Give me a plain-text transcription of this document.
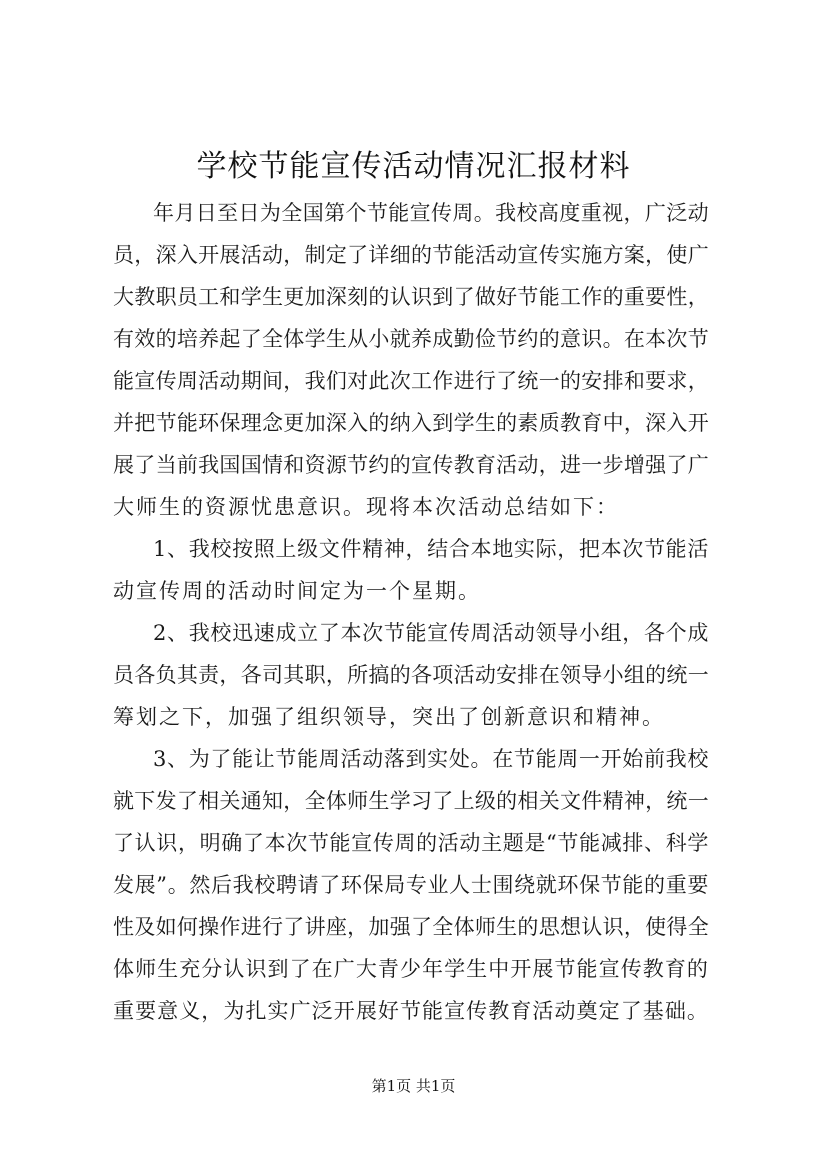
学校节能宣传活动情况汇报材料
年月日至日为全国第个节能宣传周。我校高度重视，广泛动
员，深入开展活动，制定了详细的节能活动宣传实施方案，使广
大教职员工和学生更加深刻的认识到了做好节能工作的重要性，
有效的培养起了全体学生从小就养成勤俭节约的意识。在本次节
能宣传周活动期间，我们对此次工作进行了统一的安排和要求，
并把节能环保理念更加深入的纳入到学生的素质教育中，深入开
展了当前我国国情和资源节约的宣传教育活动，进一步增强了广
大师生的资源忧患意识。现将本次活动总结如下：
1、我校按照上级文件精神，结合本地实际，把本次节能活
动宣传周的活动时间定为一个星期。
2、我校迅速成立了本次节能宣传周活动领导小组，各个成
员各负其责，各司其职，所搞的各项活动安排在领导小组的统一
筹划之下，加强了组织领导，突出了创新意识和精神。
3、为了能让节能周活动落到实处。在节能周一开始前我校
就下发了相关通知，全体师生学习了上级的相关文件精神，统一
了认识，明确了本次节能宣传周的活动主题是“节能减排、科学
发展”。然后我校聘请了环保局专业人士围绕就环保节能的重要
性及如何操作进行了讲座，加强了全体师生的思想认识，使得全
体师生充分认识到了在广大青少年学生中开展节能宣传教育的
重要意义，为扎实广泛开展好节能宣传教育活动奠定了基础。
第1页 共1页
